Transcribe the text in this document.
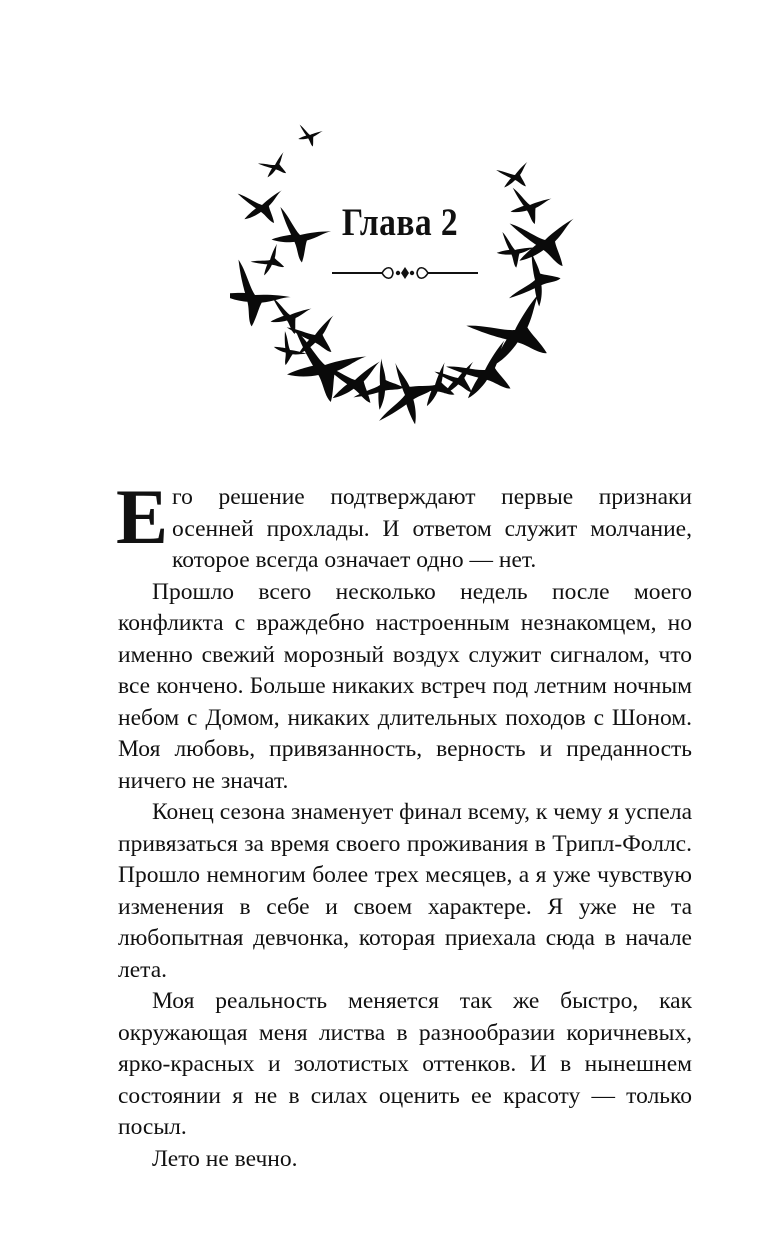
Глава 2

Его решение подтверждают первые признаки осенней прохлады. И ответом служит молчание, которое всегда означает одно — нет.

Прошло всего несколько недель после моего конфликта с враждебно настроенным незнакомцем, но именно свежий морозный воздух служит сигналом, что все кончено. Больше никаких встреч под летним ночным небом с Домом, никаких длительных походов с Шоном. Моя любовь, привязанность, верность и преданность ничего не значат.

Конец сезона знаменует финал всему, к чему я успела привязаться за время своего проживания в Трипл-Фоллс. Прошло немногим более трех месяцев, а я уже чувствую изменения в себе и своем характере. Я уже не та любопытная девчонка, которая приехала сюда в начале лета.

Моя реальность меняется так же быстро, как окружающая меня листва в разнообразии коричневых, ярко-красных и золотистых оттенков. И в нынешнем состоянии я не в силах оценить ее красоту — только посыл.

Лето не вечно.
